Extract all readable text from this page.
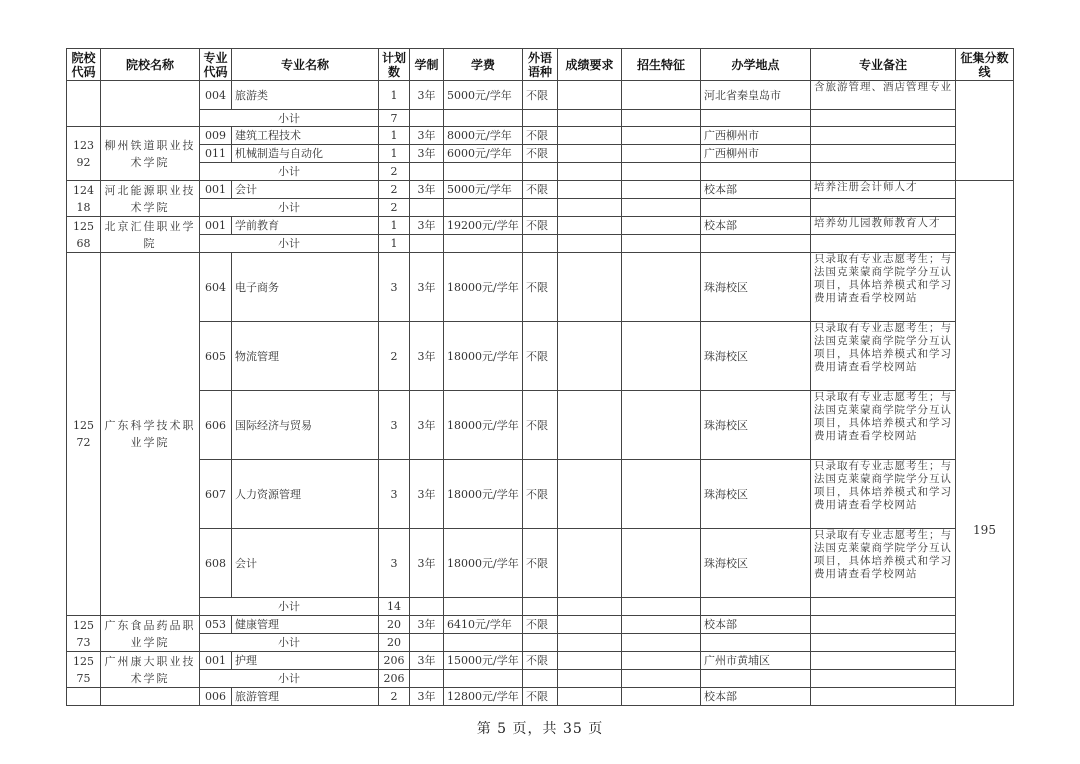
院校代码	院校名称	专业代码	专业名称	计划数	学制	学费	外语语种	成绩要求	招生特征	办学地点	专业备注	征集分数线
		004	旅游类	1	3年	5000元/学年	不限			河北省秦皇岛市	含旅游管理、酒店管理专业	
		小计		7								
12392	柳州铁道职业技术学院	009	建筑工程技术	1	3年	8000元/学年	不限			广西柳州市		
		011	机械制造与自动化	1	3年	6000元/学年	不限			广西柳州市		
		小计		2								
12418	河北能源职业技术学院	001	会计	2	3年	5000元/学年	不限			校本部	培养注册会计师人才	195
		小计		2								
12568	北京汇佳职业学院	001	学前教育	1	3年	19200元/学年	不限			校本部	培养幼儿园教师教育人才	
		小计		1								
12572	广东科学技术职业学院	604	电子商务	3	3年	18000元/学年	不限			珠海校区	只录取有专业志愿考生；与法国克莱蒙商学院学分互认项目，具体培养模式和学习费用请查看学校网站	
		605	物流管理	2	3年	18000元/学年	不限			珠海校区	只录取有专业志愿考生；与法国克莱蒙商学院学分互认项目，具体培养模式和学习费用请查看学校网站	
		606	国际经济与贸易	3	3年	18000元/学年	不限			珠海校区	只录取有专业志愿考生；与法国克莱蒙商学院学分互认项目，具体培养模式和学习费用请查看学校网站	
		607	人力资源管理	3	3年	18000元/学年	不限			珠海校区	只录取有专业志愿考生；与法国克莱蒙商学院学分互认项目，具体培养模式和学习费用请查看学校网站	
		608	会计	3	3年	18000元/学年	不限			珠海校区	只录取有专业志愿考生；与法国克莱蒙商学院学分互认项目，具体培养模式和学习费用请查看学校网站	
		小计		14								
12573	广东食品药品职业学院	053	健康管理	20	3年	6410元/学年	不限			校本部		
		小计		20								
12575	广州康大职业技术学院	001	护理	206	3年	15000元/学年	不限			广州市黄埔区		
		小计		206								
		006	旅游管理	2	3年	12800元/学年	不限			校本部		
第 5 页，共 35 页
